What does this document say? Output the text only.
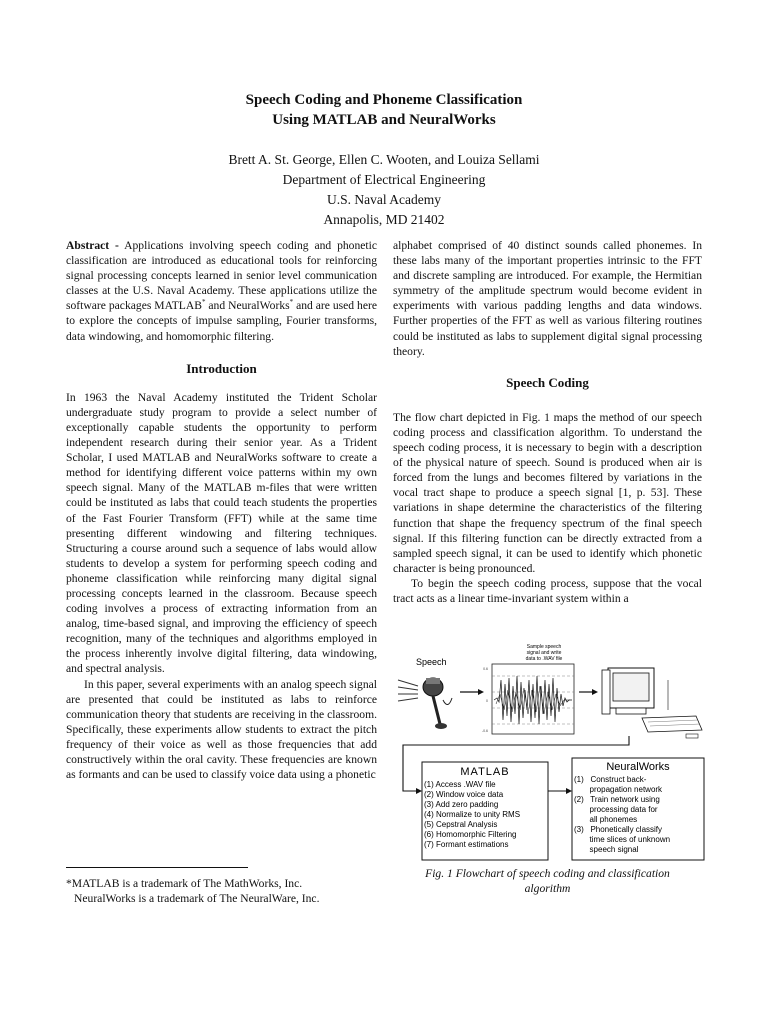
Speech Coding and Phoneme Classification

Using MATLAB and NeuralWorks

Brett A. St. George, Ellen C. Wooten, and Louiza Sellami
Department of Electrical Engineering
U.S. Naval Academy
Annapolis, MD 21402

Abstract - Applications involving speech coding and phonetic classification are introduced as educational tools for reinforcing signal processing concepts learned in senior level communication classes at the U.S. Naval Academy. These applications utilize the software packages MATLAB* and NeuralWorks* and are used here to explore the concepts of impulse sampling, Fourier transforms, data windowing, and homomorphic filtering.

Introduction

In 1963 the Naval Academy instituted the Trident Scholar undergraduate study program to provide a select number of exceptionally capable students the opportunity to perform independent research during their senior year. As a Trident Scholar, I used MATLAB and NeuralWorks software to create a method for identifying different voice patterns within my own speech signal. Many of the MATLAB m-files that were written could be instituted as labs that could teach students the properties of the Fast Fourier Transform (FFT) while at the same time presenting different windowing and filtering techniques. Structuring a course around such a sequence of labs would allow students to develop a system for performing speech coding and phoneme classification while reinforcing many digital signal processing concepts learned in the classroom. Because speech coding involves a process of extracting information from an analog, time-based signal, and improving the efficiency of speech recognition, many of the techniques and algorithms employed in the process inherently involve digital filtering, data windowing, and spectral analysis.

In this paper, several experiments with an analog speech signal are presented that could be instituted as labs to reinforce communication theory that students are receiving in the classroom. Specifically, these experiments allow students to extract the pitch frequency of their voice as well as those frequencies that add constructively within the oral cavity. These frequencies are known as formants and can be used to classify voice data using a phonetic

alphabet comprised of 40 distinct sounds called phonemes. In these labs many of the important properties intrinsic to the FFT and discrete sampling are introduced. For example, the Hermitian symmetry of the amplitude spectrum would become evident in experiments with various padding lengths and data windows. Further properties of the FFT as well as various filtering routines could be instituted as labs to supplement digital signal processing theory.

Speech Coding

The flow chart depicted in Fig. 1 maps the method of our speech coding process and classification algorithm. To understand the speech coding process, it is necessary to begin with a description of the physical nature of speech. Sound is produced when air is forced from the lungs and becomes filtered by variations in the vocal tract shape to produce a speech signal [1, p. 53]. These variations in shape determine the characteristics of the filtering function that shape the frequency spectrum of the final speech signal. If this filtering function can be directly extracted from a sampled speech signal, it can be used to identify which phonetic character is being pronounced.

To begin the speech coding process, suppose that the vocal tract acts as a linear time-invariant system within a

*MATLAB is a trademark of The MathWorks, Inc.
NeuralWorks is a trademark of The NeuralWare, Inc.
Speech
Sample speech
signal and write
data to .WAV file
0.6
0
-0.6
MATLAB
(1) Access .WAV file
(2) Window voice data
(3) Add zero padding
(4) Normalize to unity RMS
(5) Cepstral Analysis
(6) Homomorphic Filtering
(7) Formant estimations
NeuralWorks
(1)   Construct back-
propagation network
(2)   Train network using
processing data for
all phonemes
(3)   Phonetically classify
time slices of unknown
speech signal
Fig. 1 Flowchart of speech coding and classification
algorithm
